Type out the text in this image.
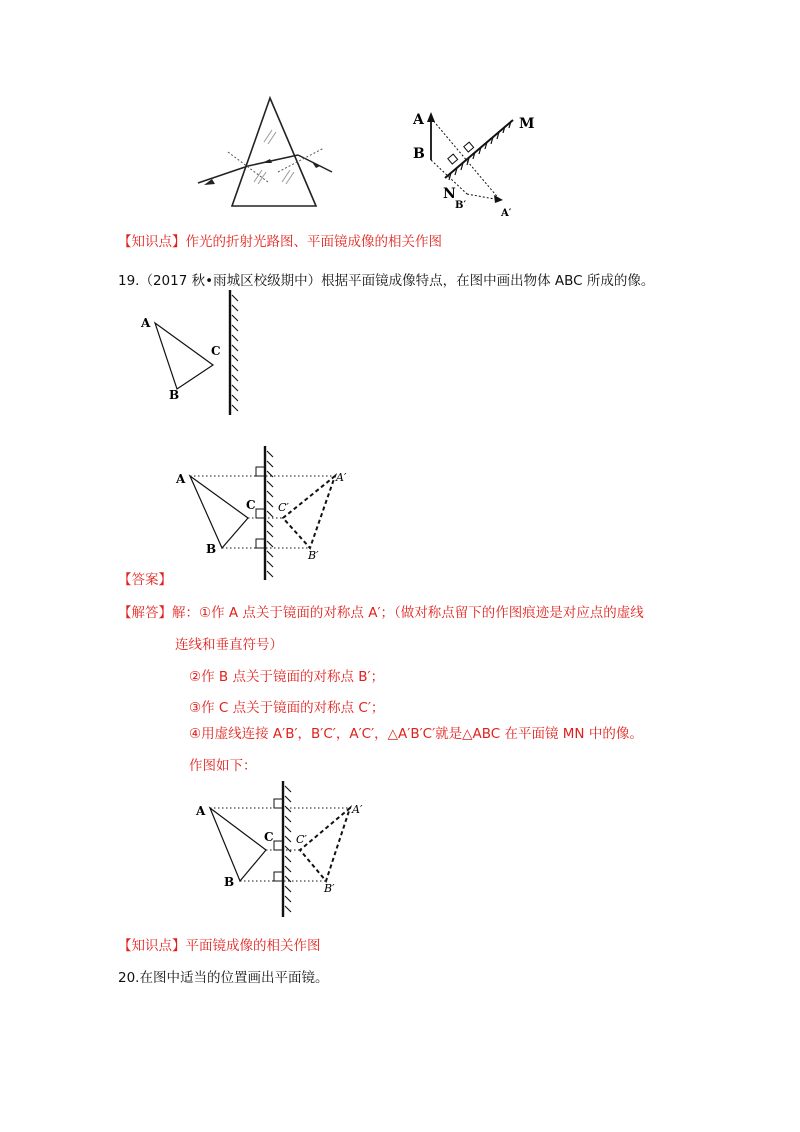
A
B
M
N
B′
A′
【知识点】作光的折射光路图、平面镜成像的相关作图
19.（2017 秋•雨城区校级期中）根据平面镜成像特点，在图中画出物体 ABC 所成的像。
A
C
B
A
C
B
A′
C′
B′
【答案】
【解答】解：①作 A 点关于镜面的对称点 A′；（做对称点留下的作图痕迹是对应点的虚线
连线和垂直符号）
②作 B 点关于镜面的对称点 B′；
③作 C 点关于镜面的对称点 C′；
④用虚线连接 A′B′，B′C′，A′C′，△A′B′C′就是△ABC 在平面镜 MN 中的像。
作图如下：
A
C
B
A′
C′
B′
【知识点】平面镜成像的相关作图
20.在图中适当的位置画出平面镜。
